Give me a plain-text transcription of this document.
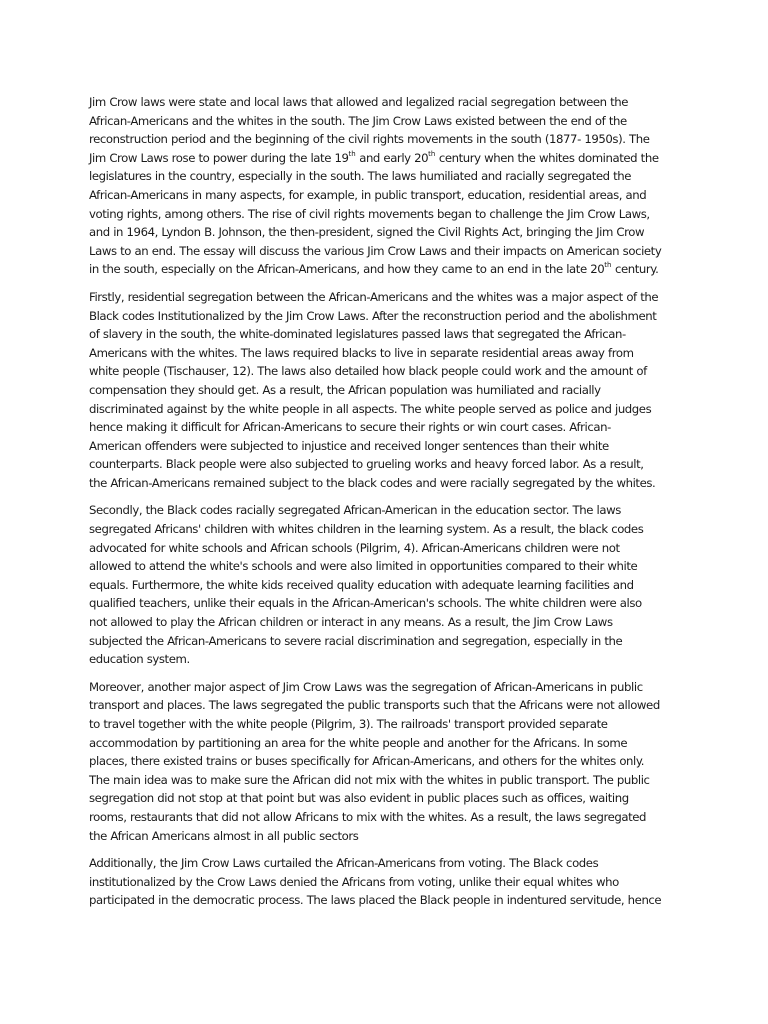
Jim Crow laws were state and local laws that allowed and legalized racial segregation between the
African-Americans and the whites in the south. The Jim Crow Laws existed between the end of the
reconstruction period and the beginning of the civil rights movements in the south (1877- 1950s). The
Jim Crow Laws rose to power during the late 19th and early 20th century when the whites dominated the
legislatures in the country, especially in the south. The laws humiliated and racially segregated the
African-Americans in many aspects, for example, in public transport, education, residential areas, and
voting rights, among others. The rise of civil rights movements began to challenge the Jim Crow Laws,
and in 1964, Lyndon B. Johnson, the then-president, signed the Civil Rights Act, bringing the Jim Crow
Laws to an end. The essay will discuss the various Jim Crow Laws and their impacts on American society
in the south, especially on the African-Americans, and how they came to an end in the late 20th century.
Firstly, residential segregation between the African-Americans and the whites was a major aspect of the
Black codes Institutionalized by the Jim Crow Laws. After the reconstruction period and the abolishment
of slavery in the south, the white-dominated legislatures passed laws that segregated the African-
Americans with the whites. The laws required blacks to live in separate residential areas away from
white people (Tischauser, 12). The laws also detailed how black people could work and the amount of
compensation they should get. As a result, the African population was humiliated and racially
discriminated against by the white people in all aspects. The white people served as police and judges
hence making it difficult for African-Americans to secure their rights or win court cases. African-
American offenders were subjected to injustice and received longer sentences than their white
counterparts. Black people were also subjected to grueling works and heavy forced labor. As a result,
the African-Americans remained subject to the black codes and were racially segregated by the whites.
Secondly, the Black codes racially segregated African-American in the education sector. The laws
segregated Africans' children with whites children in the learning system. As a result, the black codes
advocated for white schools and African schools (Pilgrim, 4). African-Americans children were not
allowed to attend the white's schools and were also limited in opportunities compared to their white
equals. Furthermore, the white kids received quality education with adequate learning facilities and
qualified teachers, unlike their equals in the African-American's schools. The white children were also
not allowed to play the African children or interact in any means. As a result, the Jim Crow Laws
subjected the African-Americans to severe racial discrimination and segregation, especially in the
education system.
Moreover, another major aspect of Jim Crow Laws was the segregation of African-Americans in public
transport and places. The laws segregated the public transports such that the Africans were not allowed
to travel together with the white people (Pilgrim, 3). The railroads' transport provided separate
accommodation by partitioning an area for the white people and another for the Africans. In some
places, there existed trains or buses specifically for African-Americans, and others for the whites only.
The main idea was to make sure the African did not mix with the whites in public transport. The public
segregation did not stop at that point but was also evident in public places such as offices, waiting
rooms, restaurants that did not allow Africans to mix with the whites. As a result, the laws segregated
the African Americans almost in all public sectors
Additionally, the Jim Crow Laws curtailed the African-Americans from voting. The Black codes
institutionalized by the Crow Laws denied the Africans from voting, unlike their equal whites who
participated in the democratic process. The laws placed the Black people in indentured servitude, hence
